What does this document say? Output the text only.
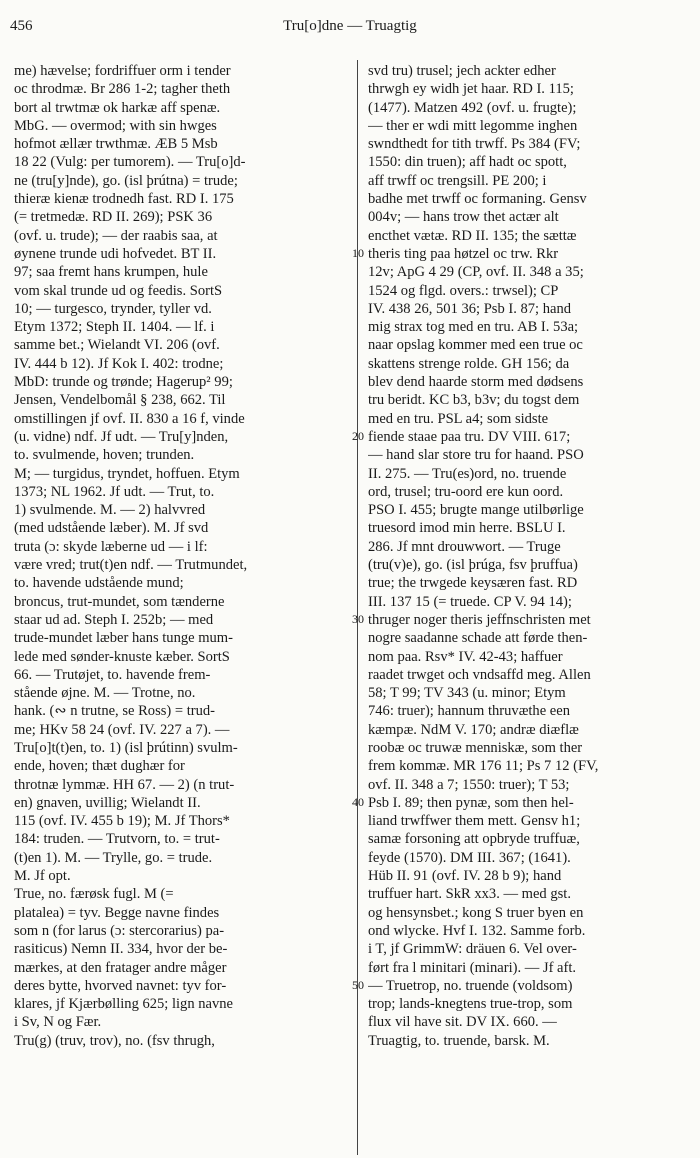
456	Tru[o]dne — Truagtig
me) hævelse; fordriffuer orm i tender
oc throdmæ. Br 286 1-2; tagher theth
bort al trwtmæ ok harkæ aff spenæ.
MbG. — overmod; with sin hwges
hofmot ællær trwthmæ. ÆB 5 Msb
18 22 (Vulg: per tumorem). — Tru[o]d-
ne (tru[y]nde), go. (isl þrútna) = trude;
thieræ kienæ trodnedh fast. RD I. 175
(= tretmedæ. RD II. 269); PSK 36
(ovf. u. trude); — der raabis saa, at
øynene trunde udi hofvedet. BT II.
97; saa fremt hans krumpen, hule
vom skal trunde ud og feedis. SortS
10; — turgesco, trynder, tyller vd.
Etym 1372; Steph II. 1404. — lf. i
samme bet.; Wielandt VI. 206 (ovf.
IV. 444 b 12). Jf Kok I. 402: trodne;
MbD: trunde og trønde; Hagerup² 99;
Jensen, Vendelbomål § 238, 662. Til
omstillingen jf ovf. II. 830 a 16 f, vinde
(u. vidne) ndf. Jf udt. — Tru[y]nden,
to. svulmende, hoven; trunden.
M; — turgidus, tryndet, hoffuen. Etym
1373; NL 1962. Jf udt. — Trut, to.
1) svulmende. M. — 2) halvvred
(med udstående læber). M. Jf svd
truta (ɔ: skyde læberne ud — i lf:
være vred; trut(t)en ndf. — Trutmundet,
to. havende udstående mund;
broncus, trut-mundet, som tænderne
staar ud ad. Steph I. 252b; — med
trude-mundet læber hans tunge mum-
lede med sønder-knuste kæber. SortS
66. — Trutøjet, to. havende frem-
stående øjne. M. — Trotne, no.
hank. (∾ n trutne, se Ross) = trud-
me; HKv 58 24 (ovf. IV. 227 a 7). —
Tru[o]t(t)en, to. 1) (isl þrútinn) svulm-
ende, hoven; thæt dughær for
throtnæ lymmæ. HH 67. — 2) (n trut-
en) gnaven, uvillig; Wielandt II.
115 (ovf. IV. 455 b 19); M. Jf Thors*
184: truden. — Trutvorn, to. = trut-
(t)en 1). M. — Trylle, go. = trude.
M. Jf opt.
True, no. færøsk fugl. M (=
platalea) = tyv. Begge navne findes
som n (for larus (ɔ: stercorarius) pa-
rasiticus) Nemn II. 334, hvor der be-
mærkes, at den fratager andre måger
deres bytte, hvorved navnet: tyv for-
klares, jf Kjærbølling 625; lign navne
i Sv, N og Fær.
Tru(g) (truv, trov), no. (fsv thrugh,
svd tru) trusel; jech ackter edher
thrwgh ey widh jet haar. RD I. 115;
(1477). Matzen 492 (ovf. u. frugte);
— ther er wdi mitt legomme inghen
swndthedt for tith trwff. Ps 384 (FV;
1550: din truen); aff hadt oc spott,
aff trwff oc trengsill. PE 200; i
badhe met trwff oc formaning. Gensv
004v; — hans trow thet actær alt
encthet vætæ. RD II. 135; the sættæ
theris ting paa høtzel oc trw. Rkr
12v; ApG 4 29 (CP, ovf. II. 348 a 35;
1524 og flgd. overs.: trwsel); CP
IV. 438 26, 501 36; Psb I. 87; hand
mig strax tog med en tru. AB I. 53a;
naar opslag kommer med een true oc
skattens strenge rolde. GH 156; da
blev dend haarde storm med dødsens
tru beridt. KC b3, b3v; du togst dem
med en tru. PSL a4; som sidste
fiende staae paa tru. DV VIII. 617;
— hand slar store tru for haand. PSO
II. 275. — Tru(es)ord, no. truende
ord, trusel; tru-oord ere kun oord.
PSO I. 455; brugte mange utilbørlige
truesord imod min herre. BSLU I.
286. Jf mnt drouwwort. — Truge
(tru(v)e), go. (isl þrúga, fsv þruffua)
true; the trwgede keysæren fast. RD
III. 137 15 (= truede. CP V. 94 14);
thruger noger theris jeffnschristen met
nogre saadanne schade att førde then-
nom paa. Rsv* IV. 42-43; haffuer
raadet trwget och vndsaffd meg. Allen
58; T 99; TV 343 (u. minor; Etym
746: truer); hannum thruvæthe een
kæmpæ. NdM V. 170; andræ diæflæ
roobæ oc truwæ menniskæ, som ther
frem kommæ. MR 176 11; Ps 7 12 (FV,
ovf. II. 348 a 7; 1550: truer); T 53;
Psb I. 89; then pynæ, som then hel-
liand trwffwer them mett. Gensv h1;
samæ forsoning att opbryde truffuæ,
feyde (1570). DM III. 367; (1641).
Hüb II. 91 (ovf. IV. 28 b 9); hand
truffuer hart. SkR xx3. — med gst.
og hensynsbet.; kong S truer byen en
ond wlycke. Hvf I. 132. Samme forb.
i T, jf GrimmW: dräuen 6. Vel over-
ført fra l minitari (minari). — Jf aft.
— Truetrop, no. truende (voldsom)
trop; lands-knegtens true-trop, som
flux vil have sit. DV IX. 660. —
Truagtig, to. truende, barsk. M.
10
20
30
40
50
